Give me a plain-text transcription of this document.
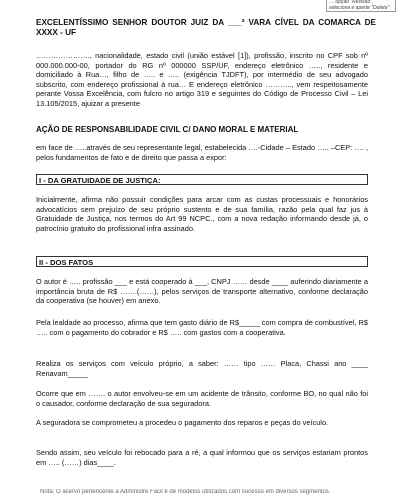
… opção "Revisão", seleciona e aperte "Delete"
EXCELENTÍSSIMO SENHOR DOUTOR JUIZ DA ___ª VARA CÍVEL DA COMARCA DE XXXX - UF
…………………., nacionalidade, estado civil (união estável [1]), profissão, inscrito no CPF sob nº 000.000.000-00, portador do RG nº 000000 SSP/UF, endereço eletrônico ….., residente e domiciliado à Rua…, filho de ….. e ….. (exigência TJDFT), por intermédio de seu advogado subscrito, com endereço profissional à rua… E endereço eletrônico ……….., vem respeitosamente perante Vossa Excelência, com fulcro no artigo 319 e seguintes do Código de Processo Civil – Lei 13.105/2015, ajuizar a presente
AÇÃO DE RESPONSABILIDADE CIVIL C/ DANO MORAL E MATERIAL
em face de …..através de seu representante legal, estabelecida ….-Cidade – Estado ….. –CEP: …. , pelos fundamentos de fato e de direito que passa a expor:
I - DA GRATUIDADE DE JUSTIÇA:
Inicialmente, afirma não possuir condições para arcar com as custas processuais e honorários advocatícios sem prejuízo de seu próprio sustento e de sua família, razão pela qual faz jus à Gratuidade de Justiça, nos termos do Art 99 NCPC., com a nova redação informando desde já, o patrocínio gratuito do profissional infra assinado.
II - DOS FATOS
O autor é ….. profissão ___ e está cooperado à ___, CNPJ …… desde ____ auferindo diariamente a importância bruta de R$ …….(……), pelos serviços de transporte alternativo, conforme declaração da cooperativa (se houver) em anexo.
Pela lealdade ao processo, afirma que tem gasto diário de R$_____ com compra de combustível, R$ ….. com o pagamento do cobrador e R$ ….. com gastos com a cooperativa.
Realiza os serviços com veículo próprio, a saber: …… tipo …… Placa, Chassi ano ____ Renavam_____
Ocorre que em ……. o autor envolveu-se em um acidente de trânsito, conforme BO, no qual não foi o causador, conforme declaração de sua seguradora.
A seguradora se comprometeu a procedeu o pagamento dos reparos e peças do veículo.
Sendo assim, seu veículo foi rebocado para a ré, a qual informou que os serviços estariam prontos em ….. (……) dias____.
Nota: O acervo pertencente a Administre Fácil é de modelos utilizados com sucesso em diversos segmentos.
